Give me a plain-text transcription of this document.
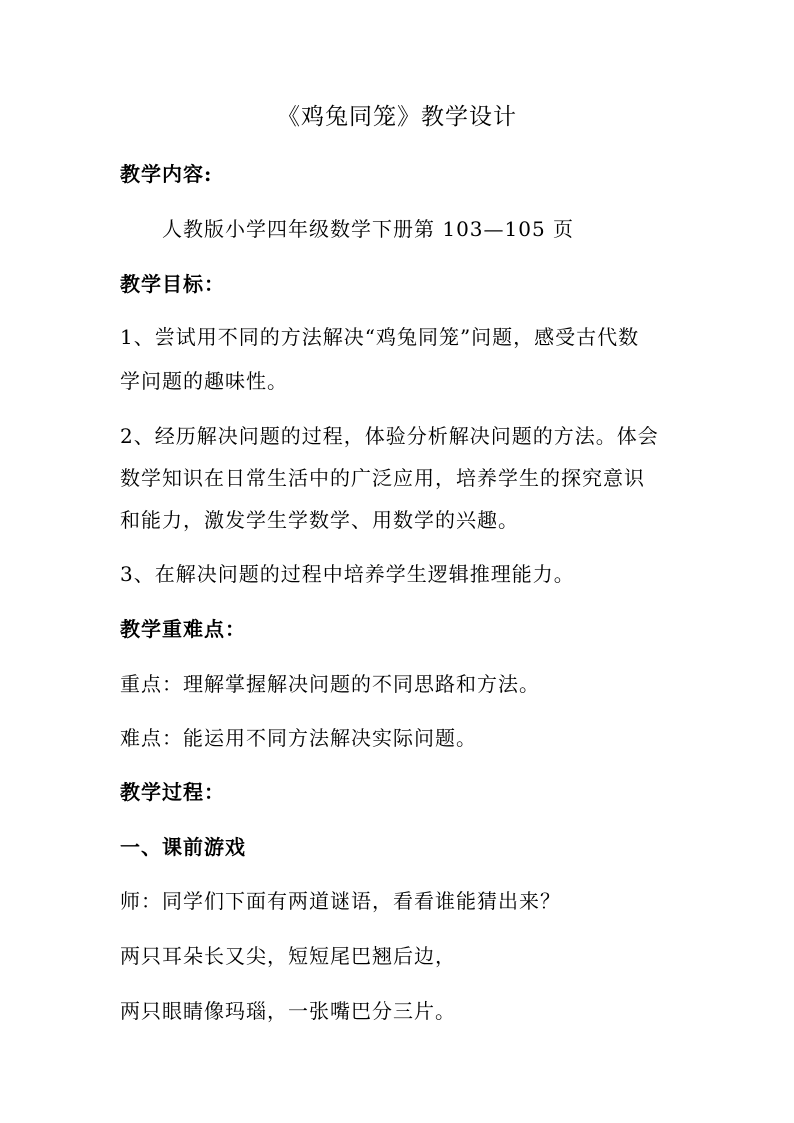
《鸡兔同笼》教学设计
教学内容:
人教版小学四年级数学下册第 103—105 页
教学目标：
1、尝试用不同的方法解决“鸡兔同笼”问题，感受古代数
学问题的趣味性。
2、经历解决问题的过程，体验分析解决问题的方法。体会
数学知识在日常生活中的广泛应用，培养学生的探究意识
和能力，激发学生学数学、用数学的兴趣。
3、在解决问题的过程中培养学生逻辑推理能力。
教学重难点：
重点：理解掌握解决问题的不同思路和方法。
难点：能运用不同方法解决实际问题。
教学过程：
一、课前游戏
师：同学们下面有两道谜语，看看谁能猜出来？
两只耳朵长又尖，短短尾巴翘后边，
两只眼睛像玛瑙，一张嘴巴分三片。
